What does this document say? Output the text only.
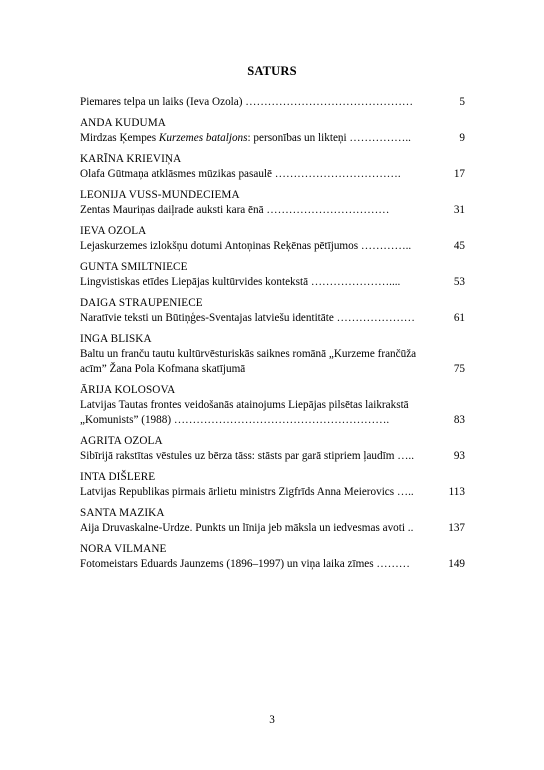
SATURS
Piemares telpa un laiks (Ieva Ozola) ………………………………………	5
ANDA KUDUMA
Mirdzas Ķempes Kurzemes bataljons: personības un likteņi ……………..	9
KARĪNA KRIEVIŅA
Olafa Gūtmaņa atklāsmes mūzikas pasaulē …………………………….	17
LEONIJA VUSS-MUNDECIEMA
Zentas Mauriņas daiļrade auksti kara ēnā ……………………………	31
IEVA OZOLA
Lejaskurzemes izlokšņu dotumi Antoņinas Reķēnas pētījumos …………..	45
GUNTA SMILTNIECE
Lingvistiskas etīdes Liepājas kultūrvides kontekstā …………………....	53
DAIGA STRAUPENIECE
Naratīvie teksti un Būtiņģes-Sventajas latviešu identitāte …………………	61
INGA BLISKA
Baltu un franču tautu kultūrvēsturiskās saiknes romānā „Kurzeme frančūža acīm” Žana Pola Kofmana skatījumā	75
ĀRIJA KOLOSOVA
Latvijas Tautas frontes veidošanās atainojums Liepājas pilsētas laikrakstā „Komunists” (1988) ………………………………………………….	83
AGRITA OZOLA
Sibīrijā rakstītas vēstules uz bērza tāss: stāsts par garā stipriem ļaudīm …..	93
INTA DIŠLERE
Latvijas Republikas pirmais ārlietu ministrs Zigfrīds Anna Meierovics …..	113
SANTA MAZIKA
Aija Druvaskalne-Urdze. Punkts un līnija jeb māksla un iedvesmas avoti ..	137
NORA VILMANE
Fotomeistars Eduards Jaunzems (1896–1997) un viņa laika zīmes ………	149
3
